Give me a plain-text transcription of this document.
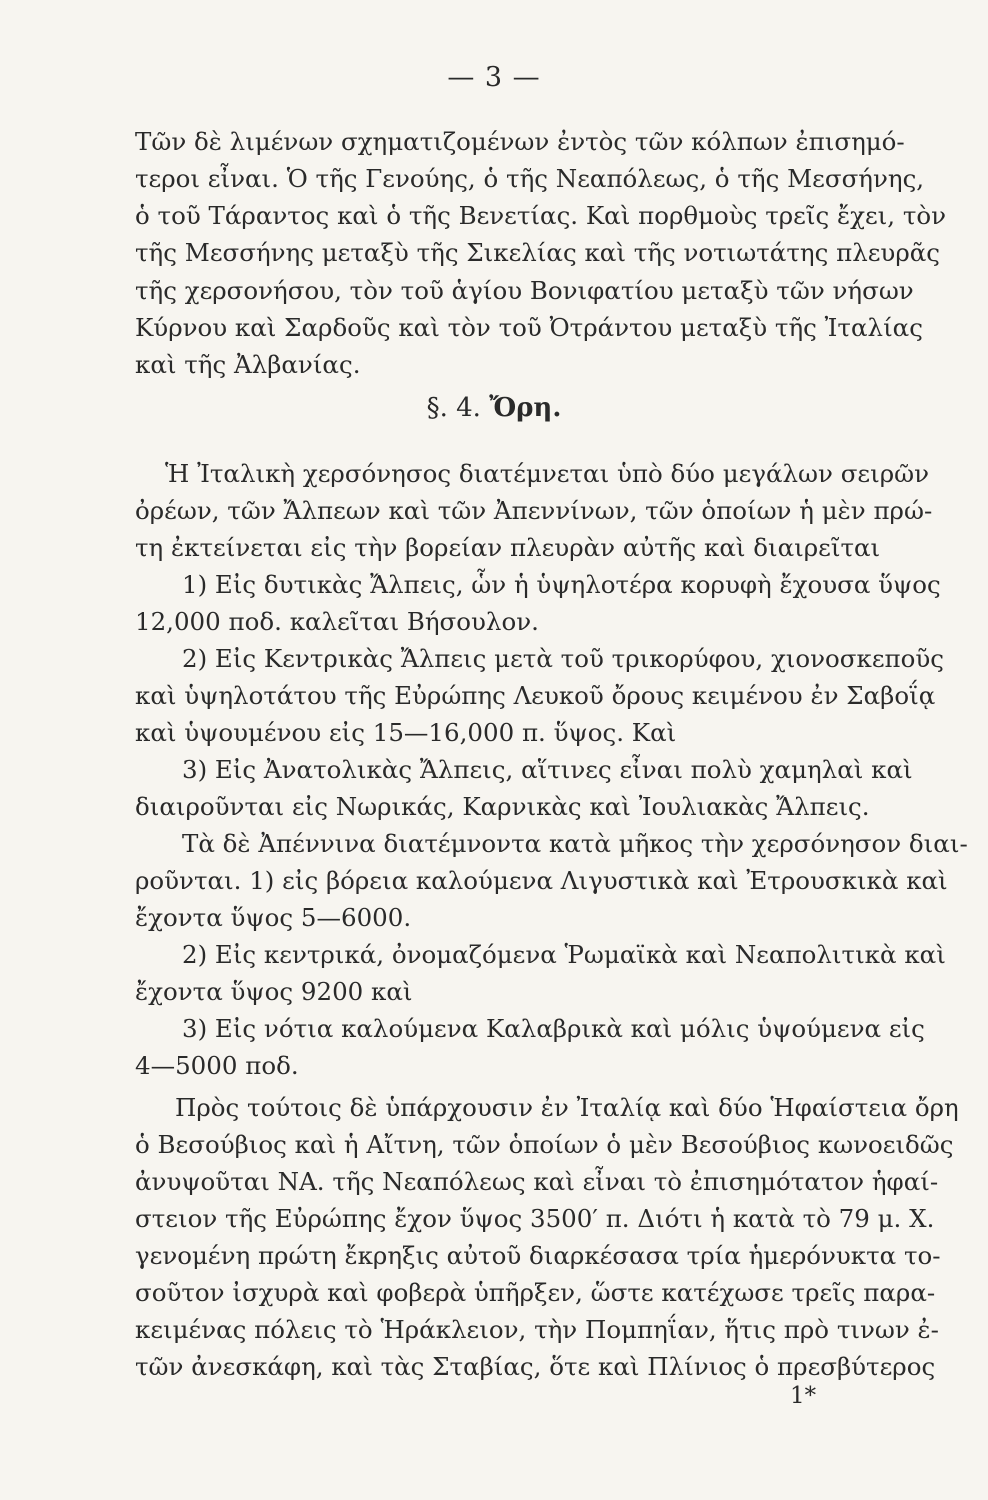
— 3 —
Τῶν δὲ λιμένων σχηματιζομένων ἐντὸς τῶν κόλπων ἐπισημό-
τεροι εἶναι. Ὁ τῆς Γενούης, ὁ τῆς Νεαπόλεως, ὁ τῆς Μεσσήνης,
ὁ τοῦ Τάραντος καὶ ὁ τῆς Βενετίας. Καὶ πορθμοὺς τρεῖς ἔχει, τὸν
τῆς Μεσσήνης μεταξὺ τῆς Σικελίας καὶ τῆς νοτιωτάτης πλευρᾶς
τῆς χερσονήσου, τὸν τοῦ ἁγίου Βονιφατίου μεταξὺ τῶν νήσων
Κύρνου καὶ Σαρδοῦς καὶ τὸν τοῦ Ὀτράντου μεταξὺ τῆς Ἰταλίας
καὶ τῆς Ἀλβανίας.
§. 4. Ὄρη.
Ἡ Ἰταλικὴ χερσόνησος διατέμνεται ὑπὸ δύο μεγάλων σειρῶν
ὀρέων, τῶν Ἄλπεων καὶ τῶν Ἀπεννίνων, τῶν ὁποίων ἡ μὲν πρώ-
τη ἐκτείνεται εἰς τὴν βορείαν πλευρὰν αὐτῆς καὶ διαιρεῖται
1) Εἰς δυτικὰς Ἄλπεις, ὧν ἡ ὑψηλοτέρα κορυφὴ ἔχουσα ὕψος
12,000 ποδ. καλεῖται Βήσουλον.
2) Εἰς Κεντρικὰς Ἄλπεις μετὰ τοῦ τρικορύφου, χιονοσκεποῦς
καὶ ὑψηλοτάτου τῆς Εὐρώπης Λευκοῦ ὄρους κειμένου ἐν Σαβοΐᾳ
καὶ ὑψουμένου εἰς 15—16,000 π. ὕψος. Καὶ
3) Εἰς Ἀνατολικὰς Ἄλπεις, αἵτινες εἶναι πολὺ χαμηλαὶ καὶ
διαιροῦνται εἰς Νωρικάς, Καρνικὰς καὶ Ἰουλιακὰς Ἄλπεις.
Τὰ δὲ Ἀπέννινα διατέμνοντα κατὰ μῆκος τὴν χερσόνησον διαι-
ροῦνται. 1) εἰς βόρεια καλούμενα Λιγυστικὰ καὶ Ἐτρουσκικὰ καὶ
ἔχοντα ὕψος 5—6000.
2) Εἰς κεντρικά, ὀνομαζόμενα Ῥωμαϊκὰ καὶ Νεαπολιτικὰ καὶ
ἔχοντα ὕψος 9200 καὶ
3) Εἰς νότια καλούμενα Καλαβρικὰ καὶ μόλις ὑψούμενα εἰς
4—5000 ποδ.
Πρὸς τούτοις δὲ ὑπάρχουσιν ἐν Ἰταλίᾳ καὶ δύο Ἡφαίστεια ὄρη
ὁ Βεσούβιος καὶ ἡ Αἴτνη, τῶν ὁποίων ὁ μὲν Βεσούβιος κωνοειδῶς
ἀνυψοῦται ΝΑ. τῆς Νεαπόλεως καὶ εἶναι τὸ ἐπισημότατον ἡφαί-
στειον τῆς Εὐρώπης ἔχον ὕψος 3500′ π. Διότι ἡ κατὰ τὸ 79 μ. Χ.
γενομένη πρώτη ἔκρηξις αὐτοῦ διαρκέσασα τρία ἡμερόνυκτα το-
σοῦτον ἰσχυρὰ καὶ φοβερὰ ὑπῆρξεν, ὥστε κατέχωσε τρεῖς παρα-
κειμένας πόλεις τὸ Ἡράκλειον, τὴν Πομπηΐαν, ἥτις πρὸ τινων ἐ-
τῶν ἀνεσκάφη, καὶ τὰς Σταβίας, ὅτε καὶ Πλίνιος ὁ πρεσβύτερος
1*
